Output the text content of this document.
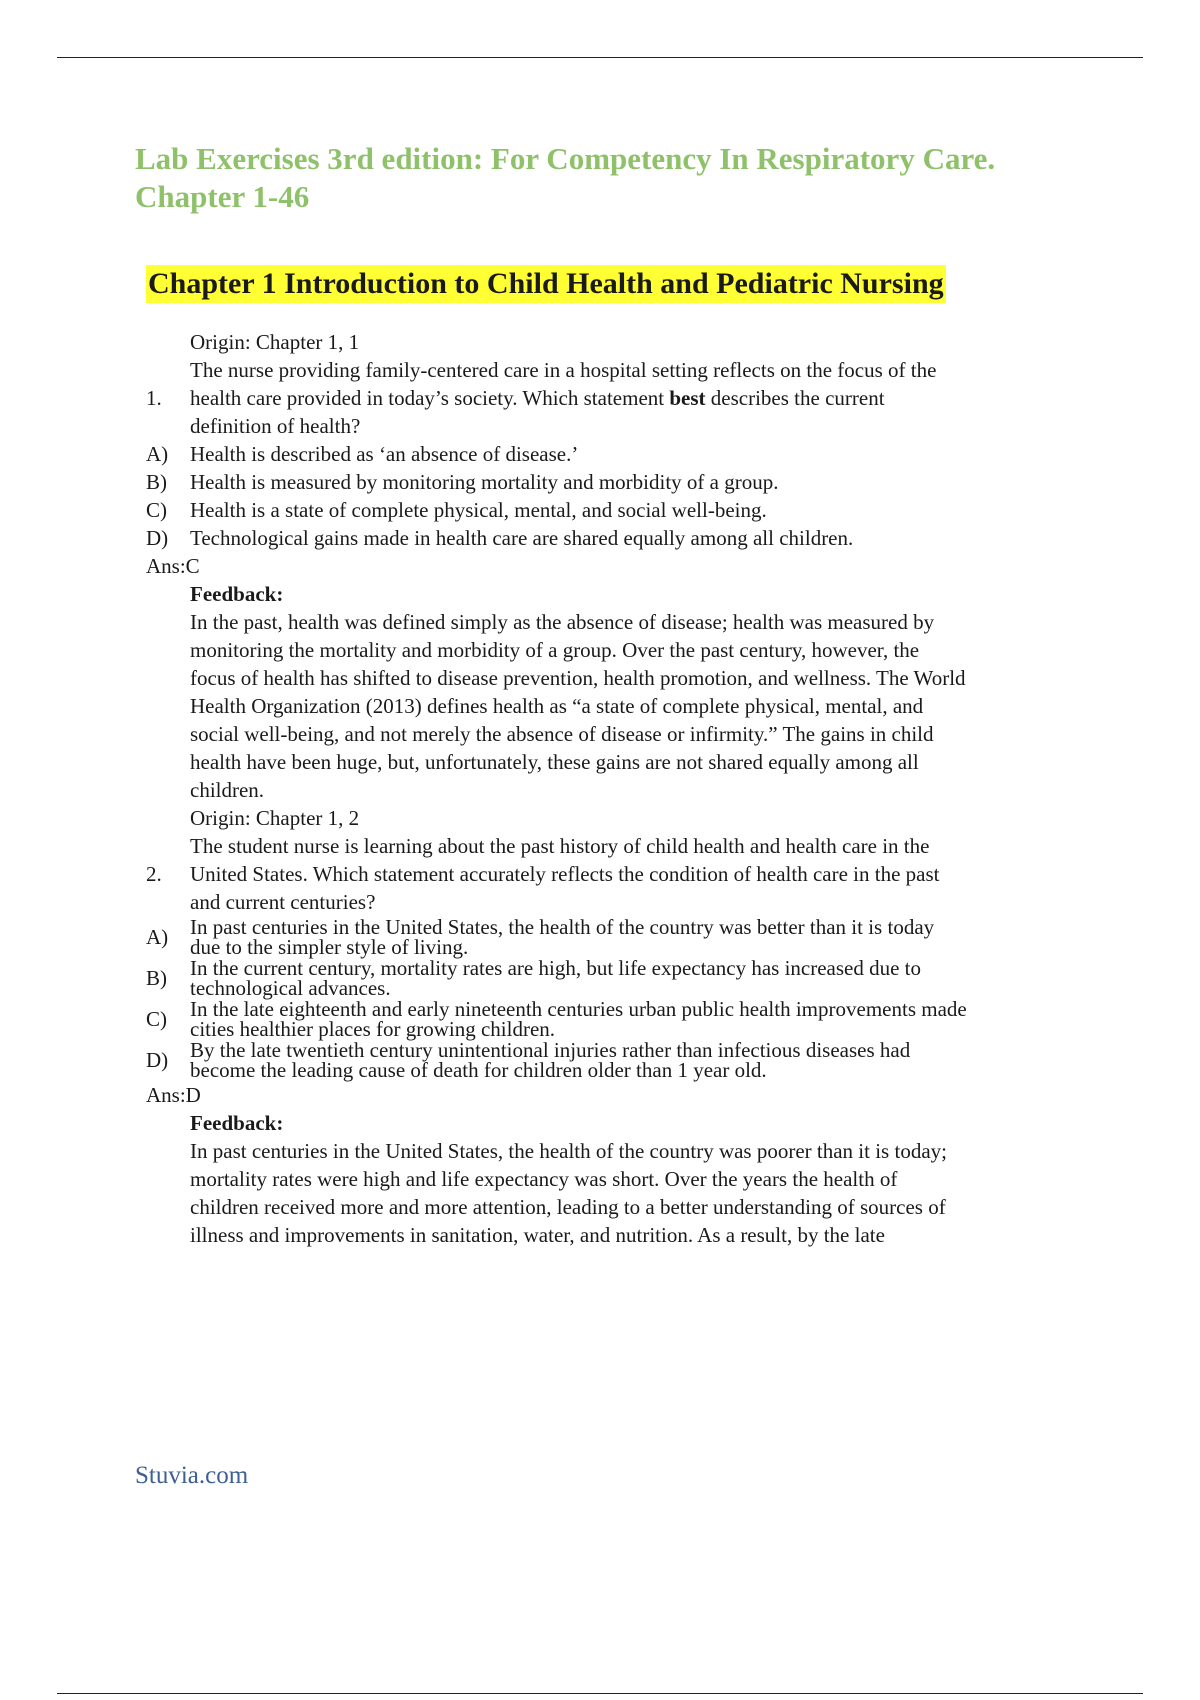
Lab Exercises 3rd edition: For Competency In Respiratory Care.
Chapter 1-46
Chapter 1 Introduction to Child Health and Pediatric Nursing
Origin: Chapter 1, 1
The nurse providing family-centered care in a hospital setting reflects on the focus of the
1. health care provided in today’s society. Which statement best describes the current
definition of health?
A) Health is described as ‘an absence of disease.’
B) Health is measured by monitoring mortality and morbidity of a group.
C) Health is a state of complete physical, mental, and social well-being.
D) Technological gains made in health care are shared equally among all children.
Ans:C
Feedback:
In the past, health was defined simply as the absence of disease; health was measured by
monitoring the mortality and morbidity of a group. Over the past century, however, the
focus of health has shifted to disease prevention, health promotion, and wellness. The World
Health Organization (2013) defines health as “a state of complete physical, mental, and
social well-being, and not merely the absence of disease or infirmity.” The gains in child
health have been huge, but, unfortunately, these gains are not shared equally among all
children.
Origin: Chapter 1, 2
The student nurse is learning about the past history of child health and health care in the
2. United States. Which statement accurately reflects the condition of health care in the past
and current centuries?
A)	In past centuries in the United States, the health of the country was better than it is today
due to the simpler style of living.
B)	In the current century, mortality rates are high, but life expectancy has increased due to
technological advances.
C)	In the late eighteenth and early nineteenth centuries urban public health improvements made
cities healthier places for growing children.
D)	By the late twentieth century unintentional injuries rather than infectious diseases had
become the leading cause of death for children older than 1 year old.
Ans:D
Feedback:
In past centuries in the United States, the health of the country was poorer than it is today;
mortality rates were high and life expectancy was short. Over the years the health of
children received more and more attention, leading to a better understanding of sources of
illness and improvements in sanitation, water, and nutrition. As a result, by the late
Stuvia.com
